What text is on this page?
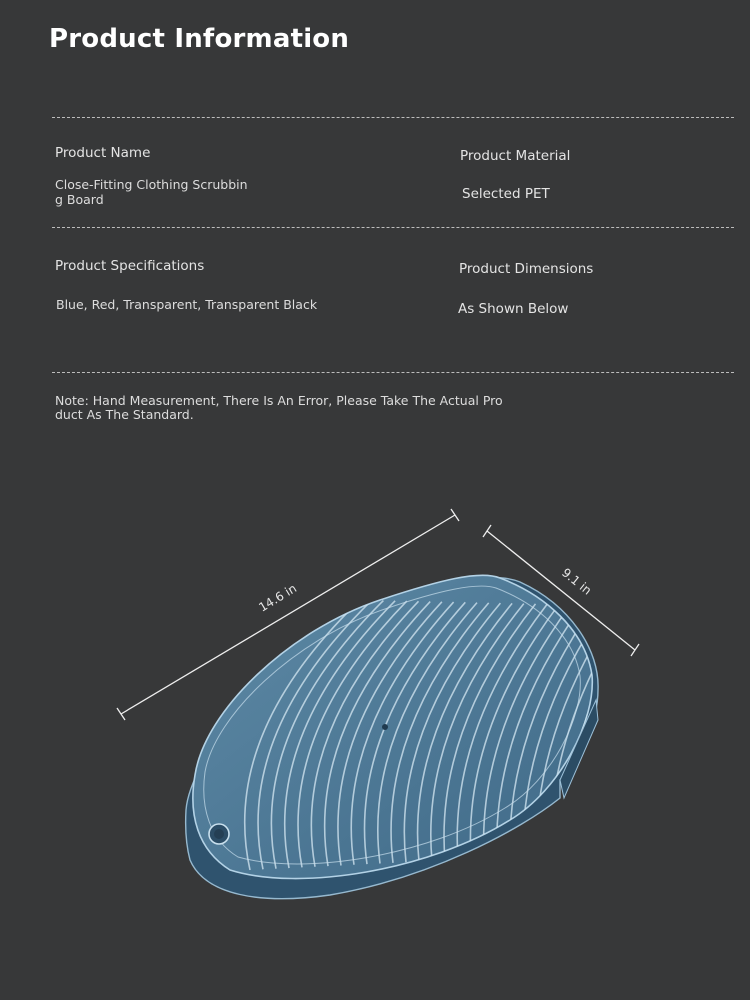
Product Information
Product Name
Close-Fitting Clothing Scrubbing Board
Product Material
Selected PET
Product Specifications
Blue, Red, Transparent, Transparent Black
Product Dimensions
As Shown Below
Note: Hand Measurement, There Is An Error, Please Take The Actual Product As The Standard.
14.6 in	9.1 in
